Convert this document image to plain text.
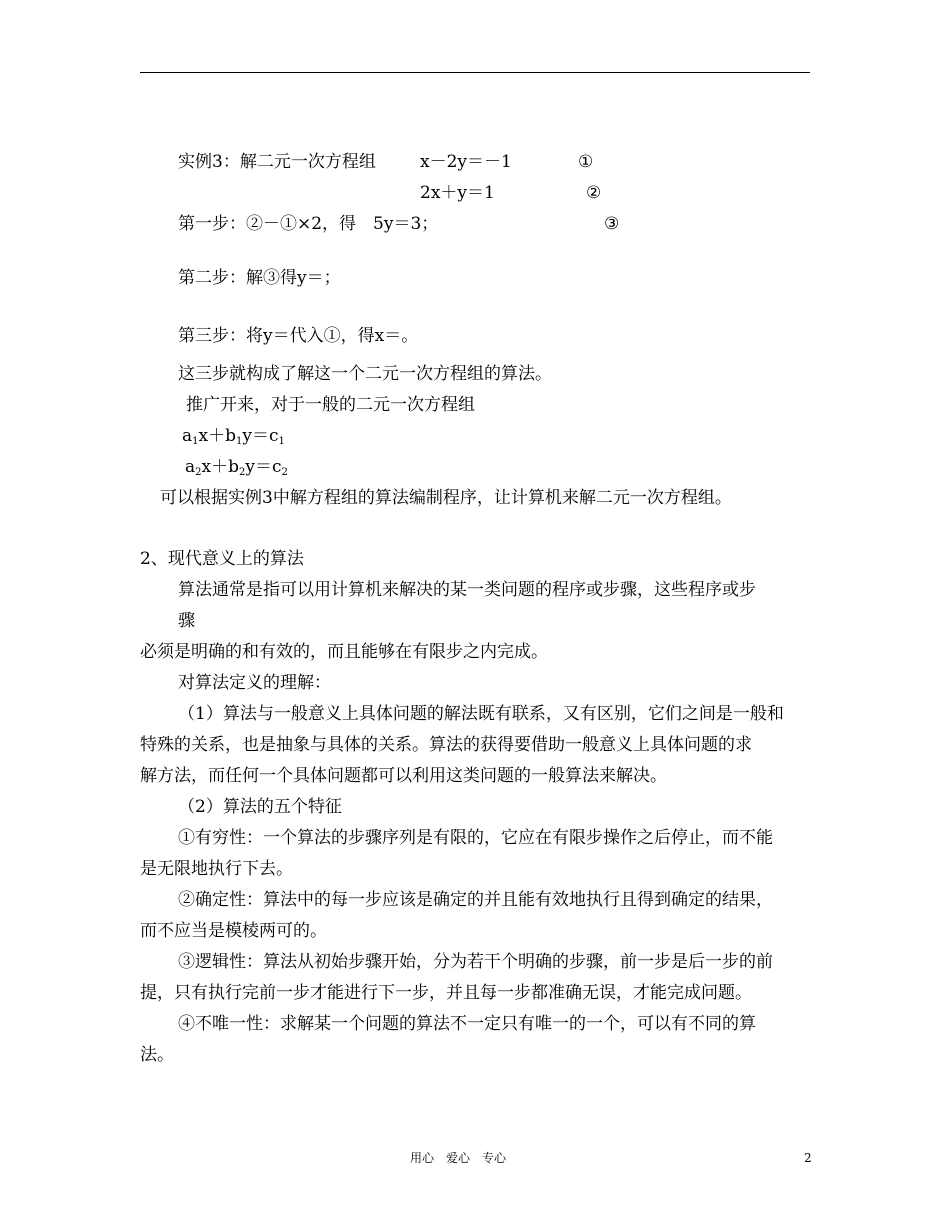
实例3：解二元一次方程组	x－2y＝－1	①
2x＋y＝1	②
第一步：②－①×2，得　5y＝3；	③
第二步：解③得y＝；
第三步：将y＝代入①，得x＝。
这三步就构成了解这一个二元一次方程组的算法。
推广开来，对于一般的二元一次方程组
$a_1x+b_1y=c_1$
$a_2x+b_2y=c_2$
可以根据实例3中解方程组的算法编制程序，让计算机来解二元一次方程组。
2、现代意义上的算法
算法通常是指可以用计算机来解决的某一类问题的程序或步骤，这些程序或步
骤
必须是明确的和有效的，而且能够在有限步之内完成。
对算法定义的理解：
（1）算法与一般意义上具体问题的解法既有联系，又有区别，它们之间是一般和
特殊的关系，也是抽象与具体的关系。算法的获得要借助一般意义上具体问题的求
解方法，而任何一个具体问题都可以利用这类问题的一般算法来解决。
（2）算法的五个特征
①有穷性：一个算法的步骤序列是有限的，它应在有限步操作之后停止，而不能
是无限地执行下去。
②确定性：算法中的每一步应该是确定的并且能有效地执行且得到确定的结果，
而不应当是模棱两可的。
③逻辑性：算法从初始步骤开始，分为若干个明确的步骤，前一步是后一步的前
提，只有执行完前一步才能进行下一步，并且每一步都准确无误，才能完成问题。
④不唯一性：求解某一个问题的算法不一定只有唯一的一个，可以有不同的算
法。
用心　爱心　专心	2
